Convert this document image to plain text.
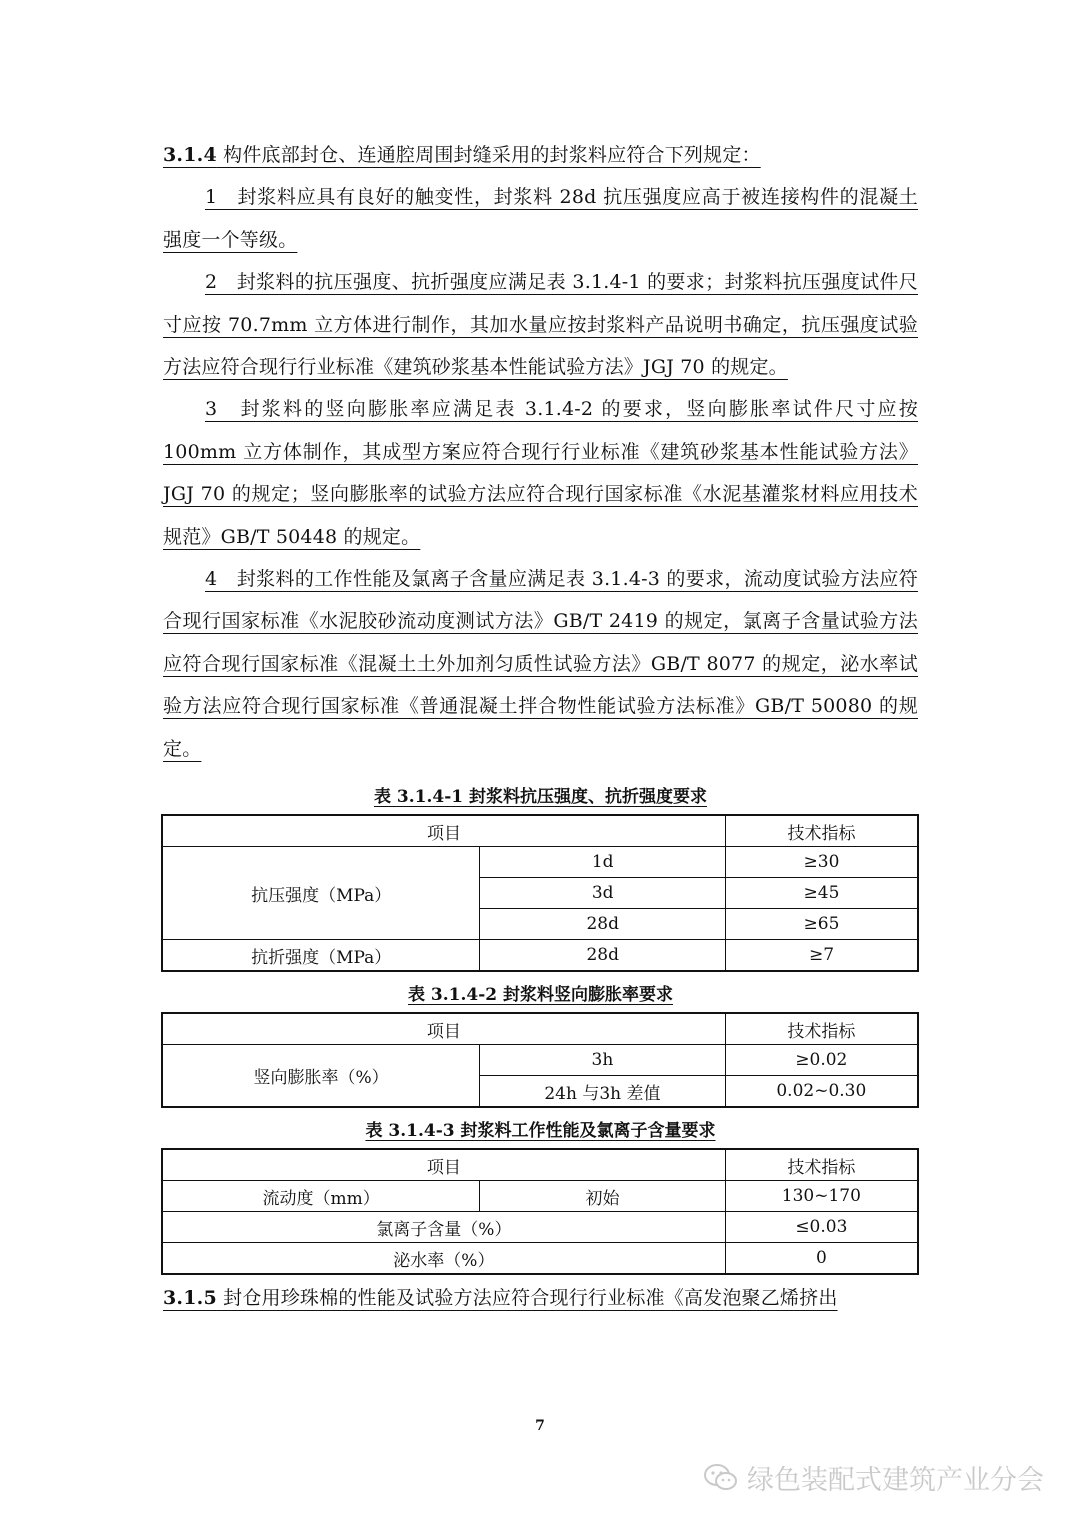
3.1.4 构件底部封仓、连通腔周围封缝采用的封浆料应符合下列规定：

1　封浆料应具有良好的触变性，封浆料 28d 抗压强度应高于被连接构件的混凝土强度一个等级。

2　封浆料的抗压强度、抗折强度应满足表 3.1.4-1 的要求；封浆料抗压强度试件尺寸应按 70.7mm 立方体进行制作，其加水量应按封浆料产品说明书确定，抗压强度试验方法应符合现行行业标准《建筑砂浆基本性能试验方法》JGJ 70 的规定。

3　封浆料的竖向膨胀率应满足表 3.1.4-2 的要求，竖向膨胀率试件尺寸应按 100mm 立方体制作，其成型方案应符合现行行业标准《建筑砂浆基本性能试验方法》JGJ 70 的规定；竖向膨胀率的试验方法应符合现行国家标准《水泥基灌浆材料应用技术规范》GB/T 50448 的规定。

4　封浆料的工作性能及氯离子含量应满足表 3.1.4-3 的要求，流动度试验方法应符合现行国家标准《水泥胶砂流动度测试方法》GB/T 2419 的规定，氯离子含量试验方法应符合现行国家标准《混凝土土外加剂匀质性试验方法》GB/T 8077 的规定，泌水率试验方法应符合现行国家标准《普通混凝土拌合物性能试验方法标准》GB/T 50080 的规定。

表 3.1.4-1 封浆料抗压强度、抗折强度要求

项目		技术指标
抗压强度（MPa）	1d	≥30
	3d	≥45
	28d	≥65
抗折强度（MPa）	28d	≥7

表 3.1.4-2 封浆料竖向膨胀率要求

项目		技术指标
竖向膨胀率（%）	3h	≥0.02
	24h 与3h 差值	0.02~0.30

表 3.1.4-3 封浆料工作性能及氯离子含量要求

项目		技术指标
流动度（mm）	初始	130~170
氯离子含量（%）		≤0.03
泌水率（%）		0

3.1.5 封仓用珍珠棉的性能及试验方法应符合现行行业标准《高发泡聚乙烯挤出

7
绿色装配式建筑产业分会
